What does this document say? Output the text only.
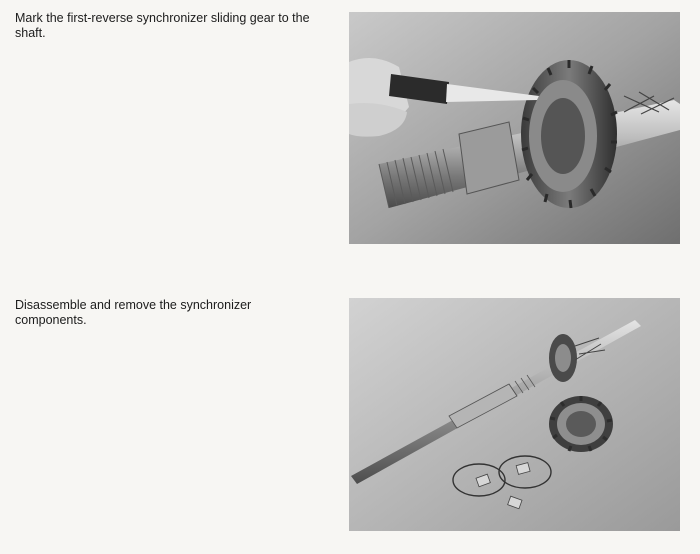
Mark the first-reverse synchronizer sliding gear to the shaft.

Disassemble and remove the synchronizer components.
